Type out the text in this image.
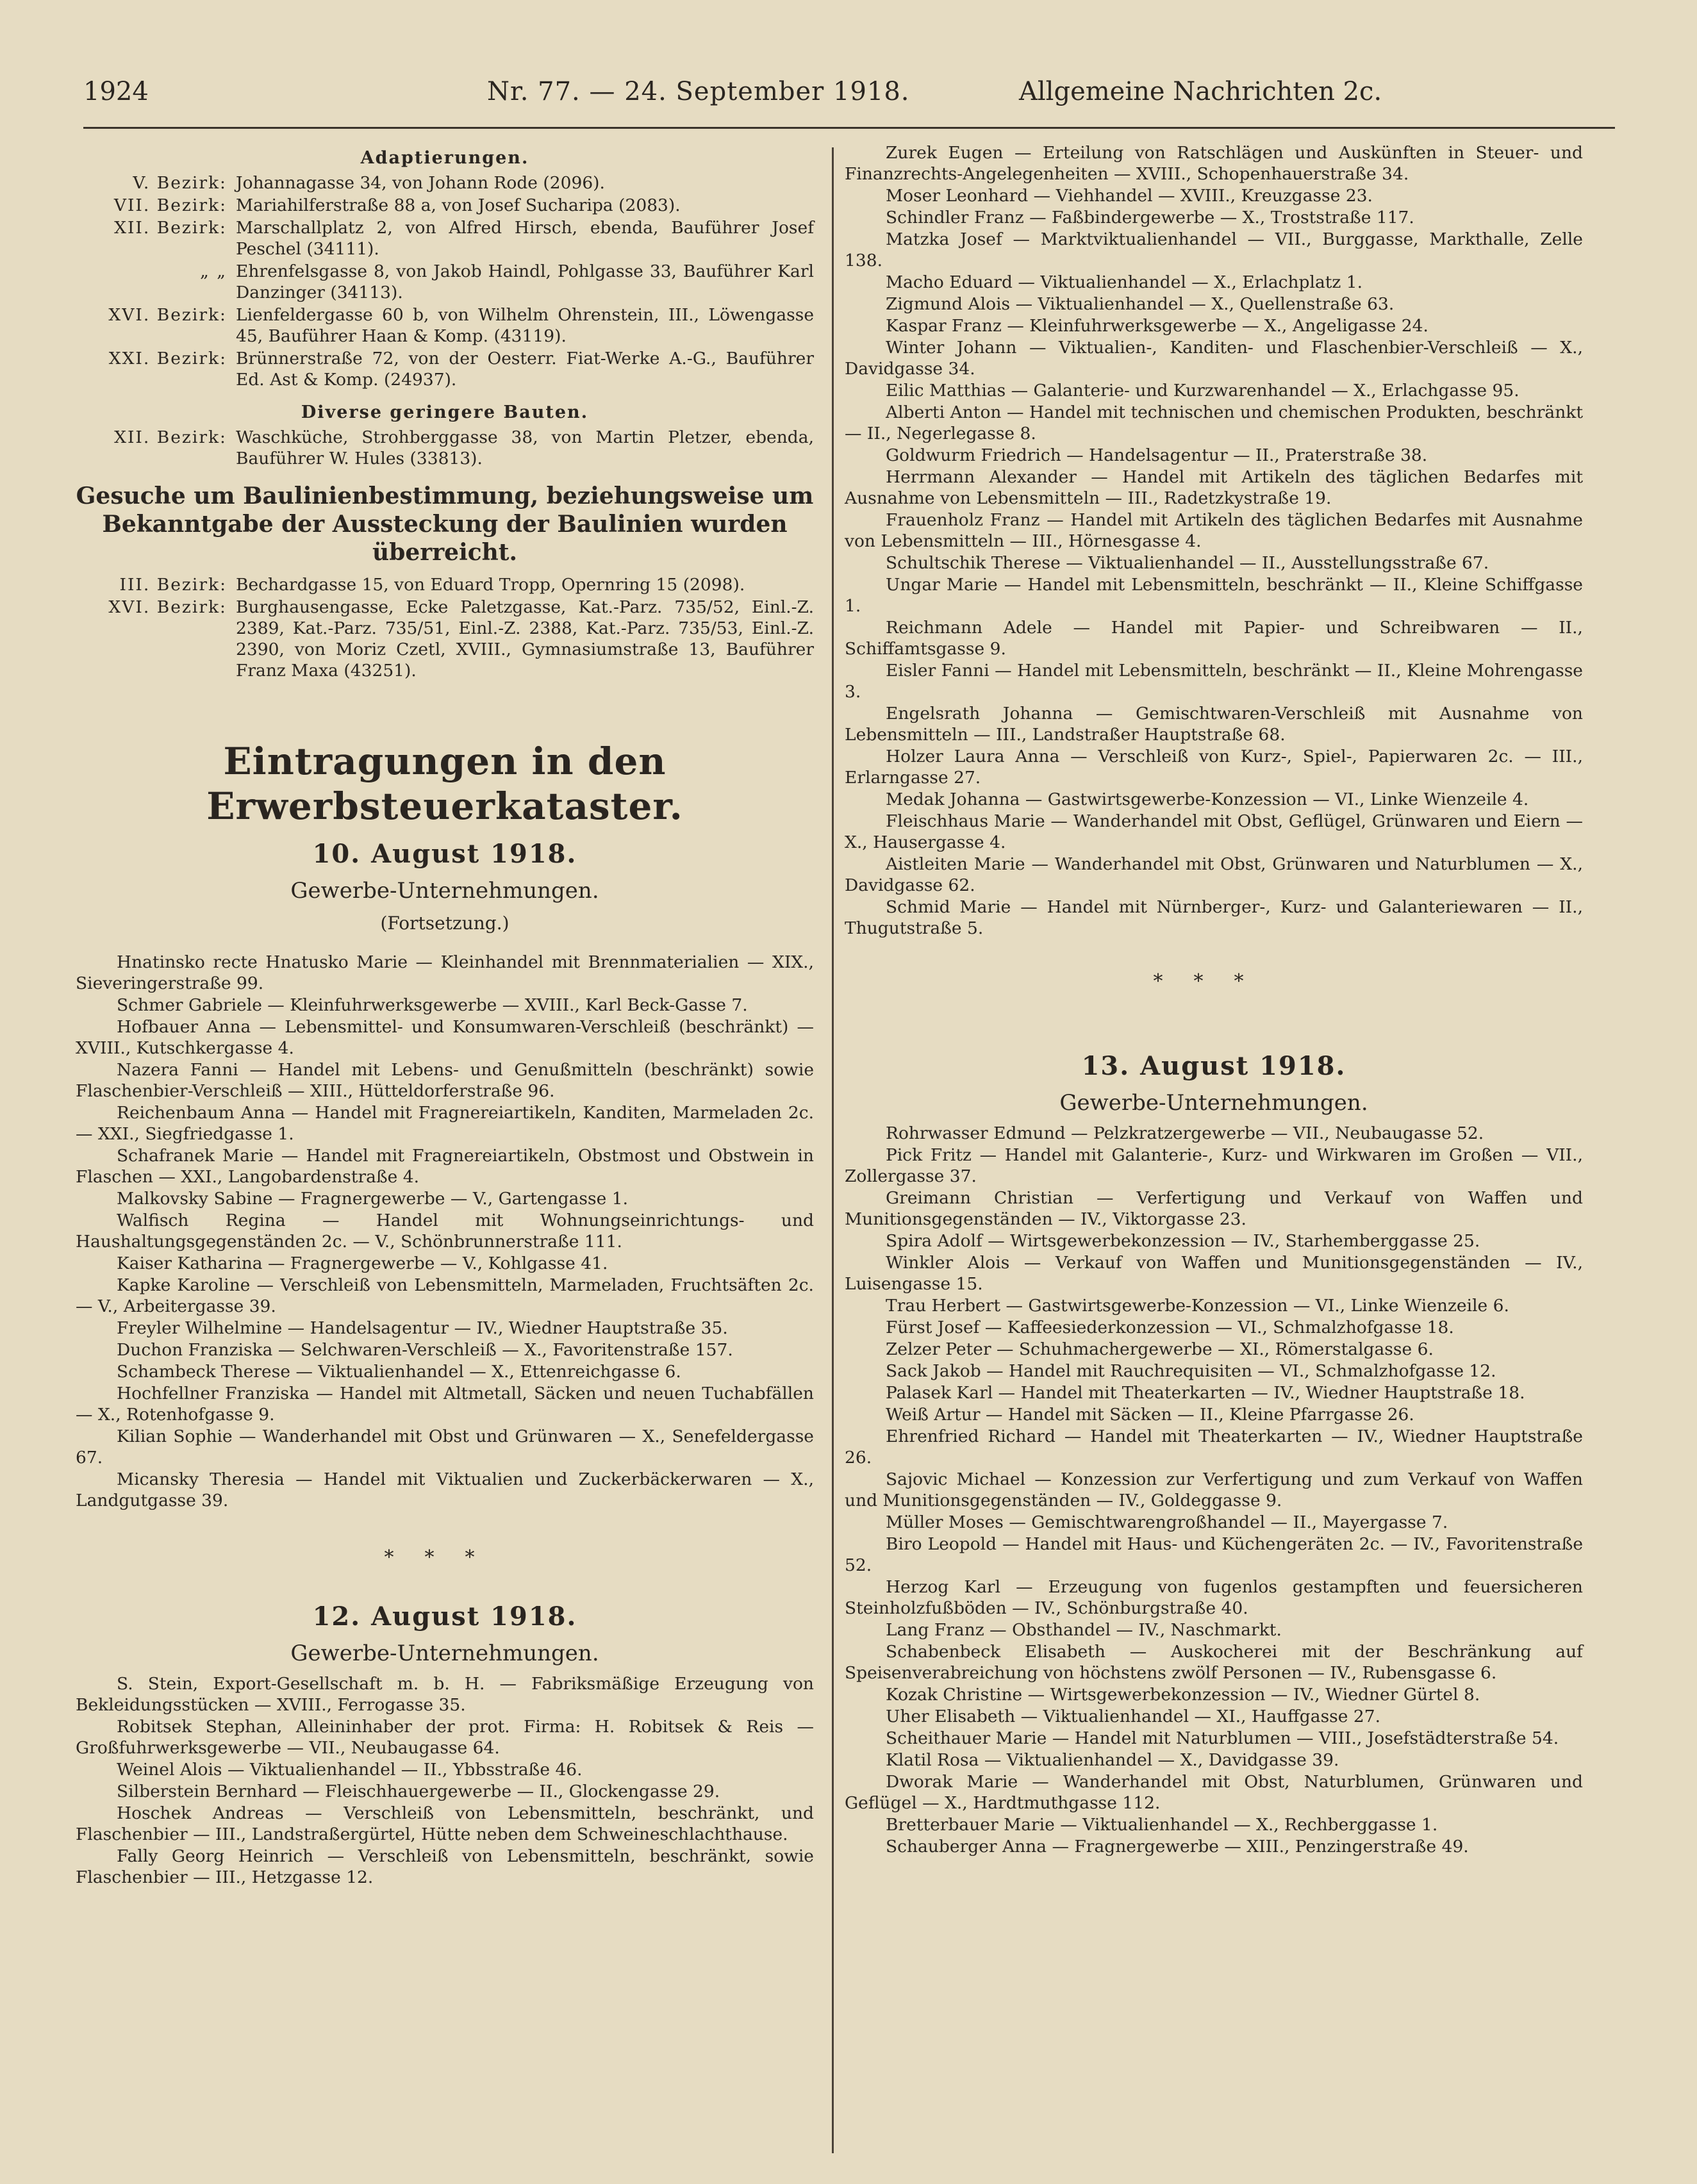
1924	Nr. 77. — 24. September 1918.	Allgemeine Nachrichten 2c.
Adaptierungen.
V. Bezirk: Johannagasse 34, von Johann Rode (2096).
VII. Bezirk: Mariahilferstraße 88 a, von Josef Sucharipa (2083).
XII. Bezirk: Marschallplatz 2, von Alfred Hirsch, ebenda, Bauführer Josef Peschel (34111).
„ „ Ehrenfelsgasse 8, von Jakob Haindl, Pohlgasse 33, Bauführer Karl Danzinger (34113).
XVI. Bezirk: Lienfeldergasse 60 b, von Wilhelm Ohrenstein, III., Löwengasse 45, Bauführer Haan & Komp. (43119).
XXI. Bezirk: Brünnerstraße 72, von der Oesterr. Fiat-Werke A.-G., Bauführer Ed. Ast & Komp. (24937).
Diverse geringere Bauten.
XII. Bezirk: Waschküche, Strohberggasse 38, von Martin Pletzer, ebenda, Bauführer W. Hules (33813).
Gesuche um Baulinienbestimmung, beziehungsweise um Bekanntgabe der Aussteckung der Baulinien wurden überreicht.
III. Bezirk: Bechardgasse 15, von Eduard Tropp, Opernring 15 (2098).
XVI. Bezirk: Burghausengasse, Ecke Paletzgasse, Kat.-Parz. 735/52, Einl.-Z. 2389, Kat.-Parz. 735/51, Einl.-Z. 2388, Kat.-Parz. 735/53, Einl.-Z. 2390, von Moriz Czetl, XVIII., Gymnasiumstraße 13, Bauführer Franz Maxa (43251).
Eintragungen in den Erwerbsteuerkataster.
10. August 1918.
Gewerbe-Unternehmungen.
(Fortsetzung.)
Hnatinsko recte Hnatusko Marie — Kleinhandel mit Brennmaterialien — XIX., Sieveringerstraße 99.
Schmer Gabriele — Kleinfuhrwerksgewerbe — XVIII., Karl Beck-Gasse 7.
Hofbauer Anna — Lebensmittel- und Konsumwaren-Verschleiß (beschränkt) — XVIII., Kutschkergasse 4.
Nazera Fanni — Handel mit Lebens- und Genußmitteln (beschränkt) sowie Flaschenbier-Verschleiß — XIII., Hütteldorferstraße 96.
Reichenbaum Anna — Handel mit Fragnereiartikeln, Kanditen, Marmeladen 2c. — XXI., Siegfriedgasse 1.
Schafranek Marie — Handel mit Fragnereiartikeln, Obstmost und Obstwein in Flaschen — XXI., Langobardenstraße 4.
Malkovsky Sabine — Fragnergewerbe — V., Gartengasse 1.
Walfisch Regina — Handel mit Wohnungseinrichtungs- und Haushaltungsgegenständen 2c. — V., Schönbrunnerstraße 111.
Kaiser Katharina — Fragnergewerbe — V., Kohlgasse 41.
Kapke Karoline — Verschleiß von Lebensmitteln, Marmeladen, Fruchtsäften 2c. — V., Arbeitergasse 39.
Freyler Wilhelmine — Handelsagentur — IV., Wiedner Hauptstraße 35.
Duchon Franziska — Selchwaren-Verschleiß — X., Favoritenstraße 157.
Schambeck Therese — Viktualienhandel — X., Ettenreichgasse 6.
Hochfellner Franziska — Handel mit Altmetall, Säcken und neuen Tuchabfällen — X., Rotenhofgasse 9.
Kilian Sophie — Wanderhandel mit Obst und Grünwaren — X., Senefeldergasse 67.
Micansky Theresia — Handel mit Viktualien und Zuckerbäckerwaren — X., Landgutgasse 39.
***
12. August 1918.
Gewerbe-Unternehmungen.
S. Stein, Export-Gesellschaft m. b. H. — Fabriksmäßige Erzeugung von Bekleidungsstücken — XVIII., Ferrogasse 35.
Robitsek Stephan, Alleininhaber der prot. Firma: H. Robitsek & Reis — Großfuhrwerksgewerbe — VII., Neubaugasse 64.
Weinel Alois — Viktualienhandel — II., Ybbsstraße 46.
Silberstein Bernhard — Fleischhauergewerbe — II., Glockengasse 29.
Hoschek Andreas — Verschleiß von Lebensmitteln, beschränkt, und Flaschenbier — III., Landstraßergürtel, Hütte neben dem Schweineschlachthause.
Fally Georg Heinrich — Verschleiß von Lebensmitteln, beschränkt, sowie Flaschenbier — III., Hetzgasse 12.
Zurek Eugen — Erteilung von Ratschlägen und Auskünften in Steuer- und Finanzrechts-Angelegenheiten — XVIII., Schopenhauerstraße 34.
Moser Leonhard — Viehhandel — XVIII., Kreuzgasse 23.
Schindler Franz — Faßbindergewerbe — X., Troststraße 117.
Matzka Josef — Marktviktualienhandel — VII., Burggasse, Markthalle, Zelle 138.
Macho Eduard — Viktualienhandel — X., Erlachplatz 1.
Zigmund Alois — Viktualienhandel — X., Quellenstraße 63.
Kaspar Franz — Kleinfuhrwerksgewerbe — X., Angeligasse 24.
Winter Johann — Viktualien-, Kanditen- und Flaschenbier-Verschleiß — X., Davidgasse 34.
Eilic Matthias — Galanterie- und Kurzwarenhandel — X., Erlachgasse 95.
Alberti Anton — Handel mit technischen und chemischen Produkten, beschränkt — II., Negerlegasse 8.
Goldwurm Friedrich — Handelsagentur — II., Praterstraße 38.
Herrmann Alexander — Handel mit Artikeln des täglichen Bedarfes mit Ausnahme von Lebensmitteln — III., Radetzkystraße 19.
Frauenholz Franz — Handel mit Artikeln des täglichen Bedarfes mit Ausnahme von Lebensmitteln — III., Hörnesgasse 4.
Schultschik Therese — Viktualienhandel — II., Ausstellungsstraße 67.
Ungar Marie — Handel mit Lebensmitteln, beschränkt — II., Kleine Schiffgasse 1.
Reichmann Adele — Handel mit Papier- und Schreibwaren — II., Schiffamtsgasse 9.
Eisler Fanni — Handel mit Lebensmitteln, beschränkt — II., Kleine Mohrengasse 3.
Engelsrath Johanna — Gemischtwaren-Verschleiß mit Ausnahme von Lebensmitteln — III., Landstraßer Hauptstraße 68.
Holzer Laura Anna — Verschleiß von Kurz-, Spiel-, Papierwaren 2c. — III., Erlarngasse 27.
Medak Johanna — Gastwirtsgewerbe-Konzession — VI., Linke Wienzeile 4.
Fleischhaus Marie — Wanderhandel mit Obst, Geflügel, Grünwaren und Eiern — X., Hausergasse 4.
Aistleiten Marie — Wanderhandel mit Obst, Grünwaren und Naturblumen — X., Davidgasse 62.
Schmid Marie — Handel mit Nürnberger-, Kurz- und Galanteriewaren — II., Thugutstraße 5.
***
13. August 1918.
Gewerbe-Unternehmungen.
Rohrwasser Edmund — Pelzkratzergewerbe — VII., Neubaugasse 52.
Pick Fritz — Handel mit Galanterie-, Kurz- und Wirkwaren im Großen — VII., Zollergasse 37.
Greimann Christian — Verfertigung und Verkauf von Waffen und Munitionsgegenständen — IV., Viktorgasse 23.
Spira Adolf — Wirtsgewerbekonzession — IV., Starhemberggasse 25.
Winkler Alois — Verkauf von Waffen und Munitionsgegenständen — IV., Luisengasse 15.
Trau Herbert — Gastwirtsgewerbe-Konzession — VI., Linke Wienzeile 6.
Fürst Josef — Kaffeesiederkonzession — VI., Schmalzhofgasse 18.
Zelzer Peter — Schuhmachergewerbe — XI., Römerstalgasse 6.
Sack Jakob — Handel mit Rauchrequisiten — VI., Schmalzhofgasse 12.
Palasek Karl — Handel mit Theaterkarten — IV., Wiedner Hauptstraße 18.
Weiß Artur — Handel mit Säcken — II., Kleine Pfarrgasse 26.
Ehrenfried Richard — Handel mit Theaterkarten — IV., Wiedner Hauptstraße 26.
Sajovic Michael — Konzession zur Verfertigung und zum Verkauf von Waffen und Munitionsgegenständen — IV., Goldeggasse 9.
Müller Moses — Gemischtwarengroßhandel — II., Mayergasse 7.
Biro Leopold — Handel mit Haus- und Küchengeräten 2c. — IV., Favoritenstraße 52.
Herzog Karl — Erzeugung von fugenlos gestampften und feuersicheren Steinholzfußböden — IV., Schönburgstraße 40.
Lang Franz — Obsthandel — IV., Naschmarkt.
Schabenbeck Elisabeth — Auskocherei mit der Beschränkung auf Speisenverabreichung von höchstens zwölf Personen — IV., Rubensgasse 6.
Kozak Christine — Wirtsgewerbekonzession — IV., Wiedner Gürtel 8.
Uher Elisabeth — Viktualienhandel — XI., Hauffgasse 27.
Scheithauer Marie — Handel mit Naturblumen — VIII., Josefstädterstraße 54.
Klatil Rosa — Viktualienhandel — X., Davidgasse 39.
Dworak Marie — Wanderhandel mit Obst, Naturblumen, Grünwaren und Geflügel — X., Hardtmuthgasse 112.
Bretterbauer Marie — Viktualienhandel — X., Rechberggasse 1.
Schauberger Anna — Fragnergewerbe — XIII., Penzingerstraße 49.
